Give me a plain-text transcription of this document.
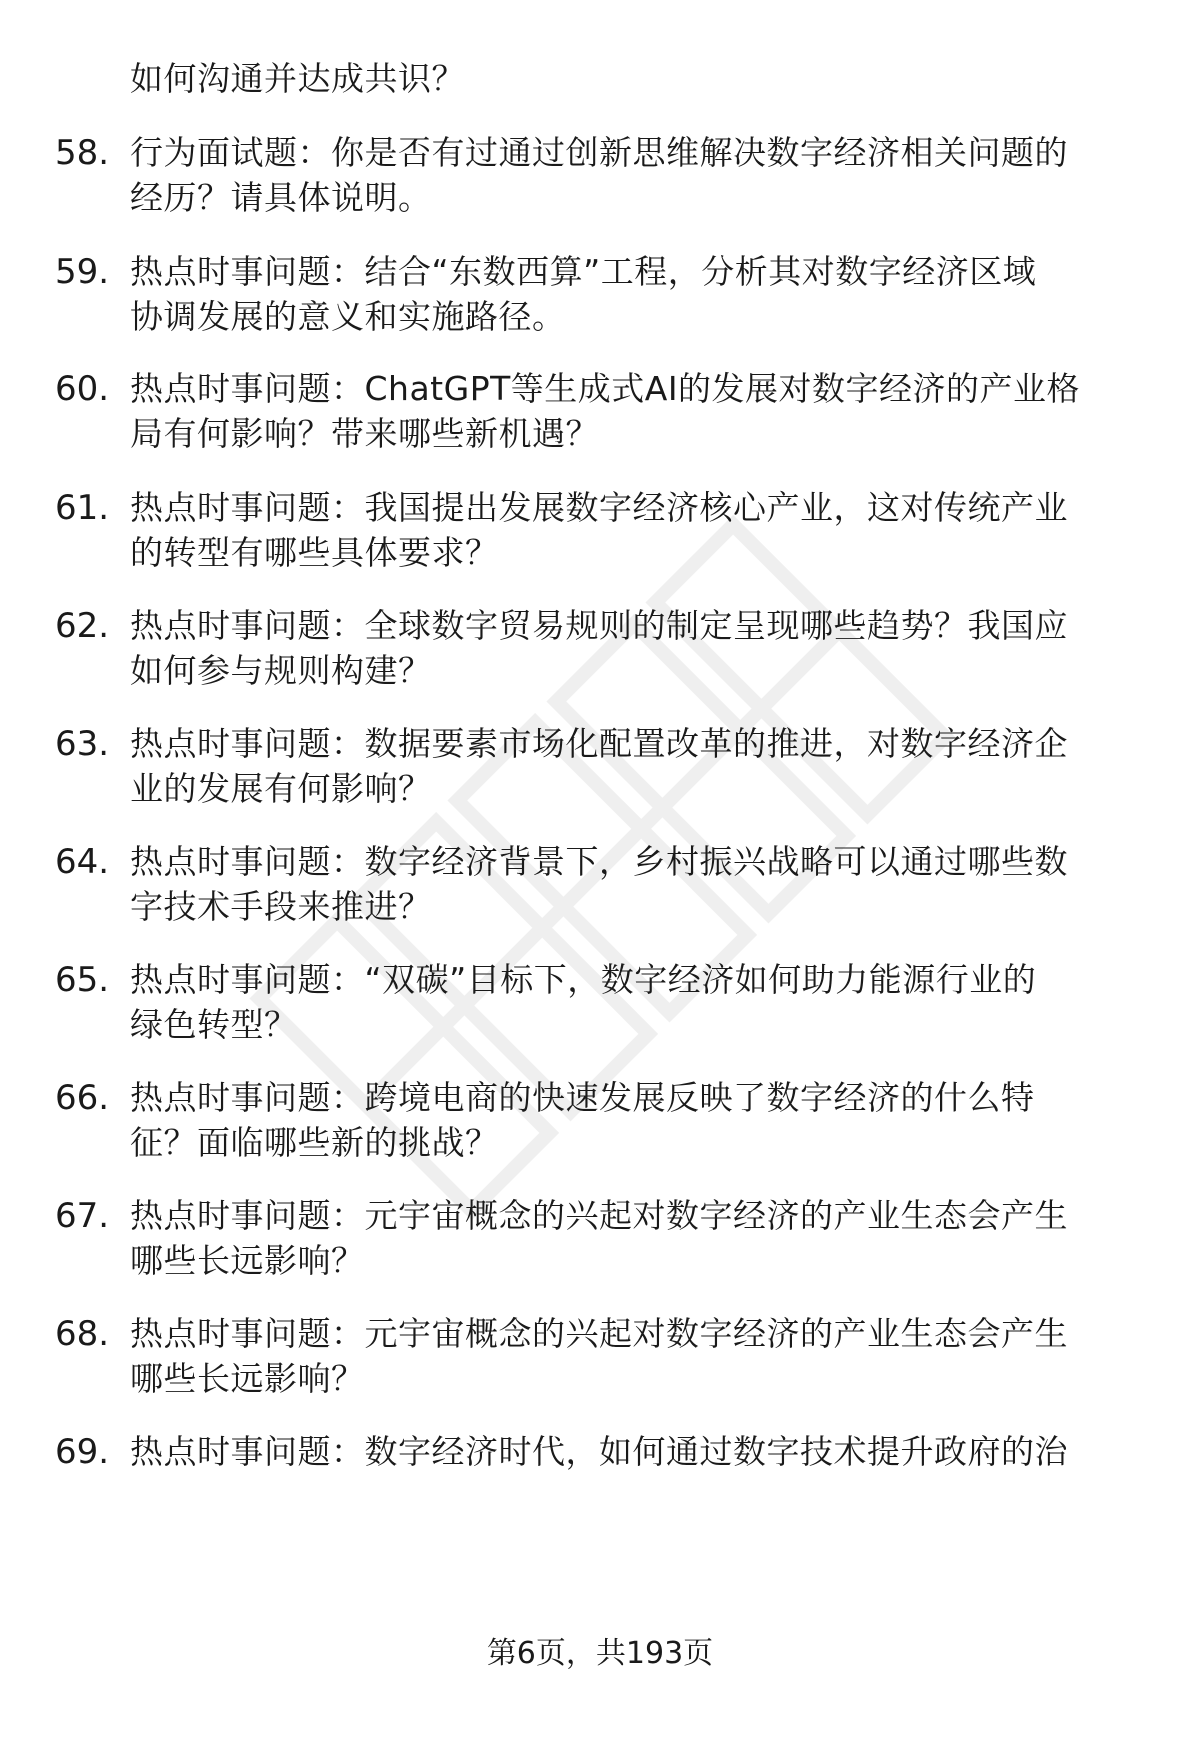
如何沟通并达成共识？
58. 行为面试题：你是否有过通过创新思维解决数字经济相关问题的
经历？请具体说明。
59. 热点时事问题：结合“东数西算”工程，分析其对数字经济区域
协调发展的意义和实施路径。
60. 热点时事问题：ChatGPT等生成式AI的发展对数字经济的产业格
局有何影响？带来哪些新机遇？
61. 热点时事问题：我国提出发展数字经济核心产业，这对传统产业
的转型有哪些具体要求？
62. 热点时事问题：全球数字贸易规则的制定呈现哪些趋势？我国应
如何参与规则构建？
63. 热点时事问题：数据要素市场化配置改革的推进，对数字经济企
业的发展有何影响？
64. 热点时事问题：数字经济背景下，乡村振兴战略可以通过哪些数
字技术手段来推进？
65. 热点时事问题：“双碳”目标下，数字经济如何助力能源行业的
绿色转型？
66. 热点时事问题：跨境电商的快速发展反映了数字经济的什么特
征？面临哪些新的挑战？
67. 热点时事问题：元宇宙概念的兴起对数字经济的产业生态会产生
哪些长远影响？
68. 热点时事问题：元宇宙概念的兴起对数字经济的产业生态会产生
哪些长远影响？
69. 热点时事问题：数字经济时代，如何通过数字技术提升政府的治
第6页，共193页
